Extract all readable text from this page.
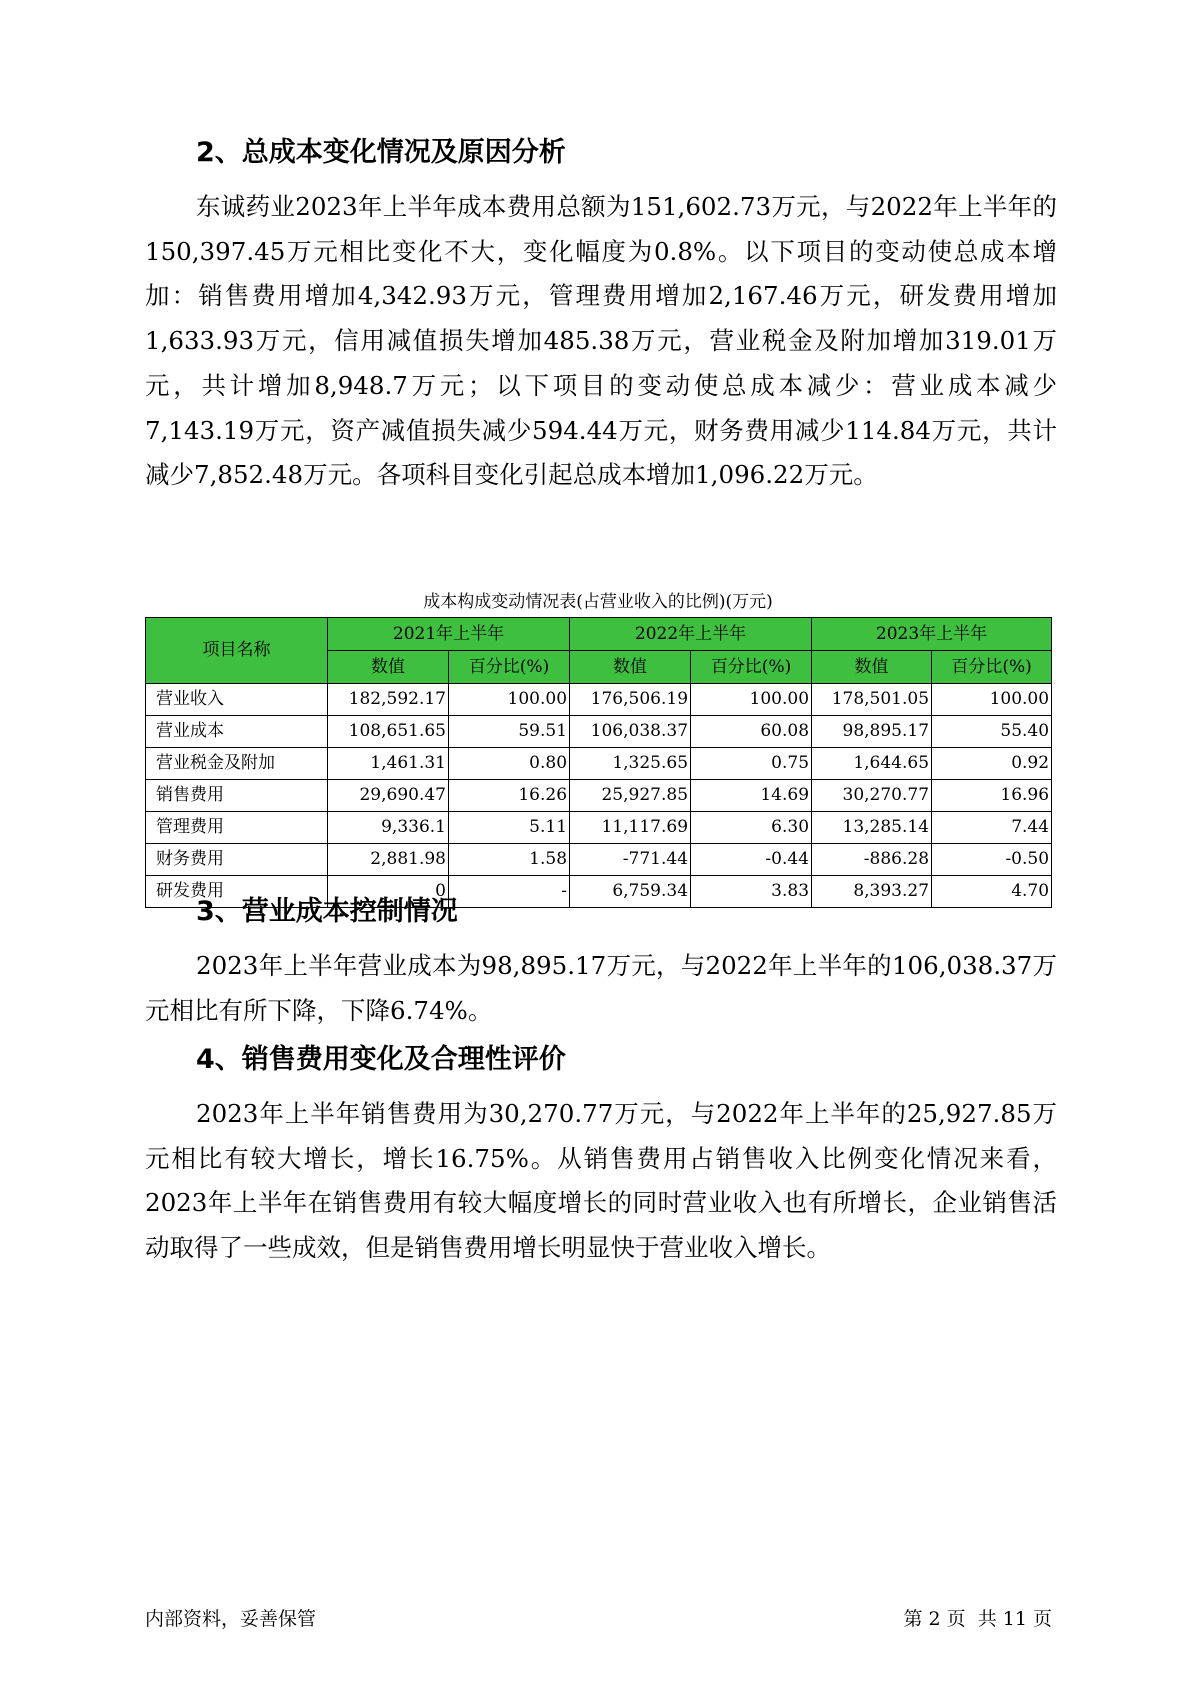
2、总成本变化情况及原因分析
东诚药业2023年上半年成本费用总额为151,602.73万元，与2022年上半年的150,397.45万元相比变化不大，变化幅度为0.8%。以下项目的变动使总成本增加：销售费用增加4,342.93万元，管理费用增加2,167.46万元，研发费用增加1,633.93万元，信用减值损失增加485.38万元，营业税金及附加增加319.01万元，共计增加8,948.7万元；以下项目的变动使总成本减少：营业成本减少7,143.19万元，资产减值损失减少594.44万元，财务费用减少114.84万元，共计减少7,852.48万元。各项科目变化引起总成本增加1,096.22万元。
成本构成变动情况表(占营业收入的比例)(万元)
项目名称	2021年上半年		2022年上半年		2023年上半年	
	数值	百分比(%)	数值	百分比(%)	数值	百分比(%)
营业收入	182,592.17	100.00	176,506.19	100.00	178,501.05	100.00
营业成本	108,651.65	59.51	106,038.37	60.08	98,895.17	55.40
营业税金及附加	1,461.31	0.80	1,325.65	0.75	1,644.65	0.92
销售费用	29,690.47	16.26	25,927.85	14.69	30,270.77	16.96
管理费用	9,336.1	5.11	11,117.69	6.30	13,285.14	7.44
财务费用	2,881.98	1.58	-771.44	-0.44	-886.28	-0.50
研发费用	0	-	6,759.34	3.83	8,393.27	4.70
3、营业成本控制情况
2023年上半年营业成本为98,895.17万元，与2022年上半年的106,038.37万元相比有所下降，下降6.74%。
4、销售费用变化及合理性评价
2023年上半年销售费用为30,270.77万元，与2022年上半年的25,927.85万元相比有较大增长，增长16.75%。从销售费用占销售收入比例变化情况来看，2023年上半年在销售费用有较大幅度增长的同时营业收入也有所增长，企业销售活动取得了一些成效，但是销售费用增长明显快于营业收入增长。
内部资料，妥善保管	第 2 页  共 11 页
